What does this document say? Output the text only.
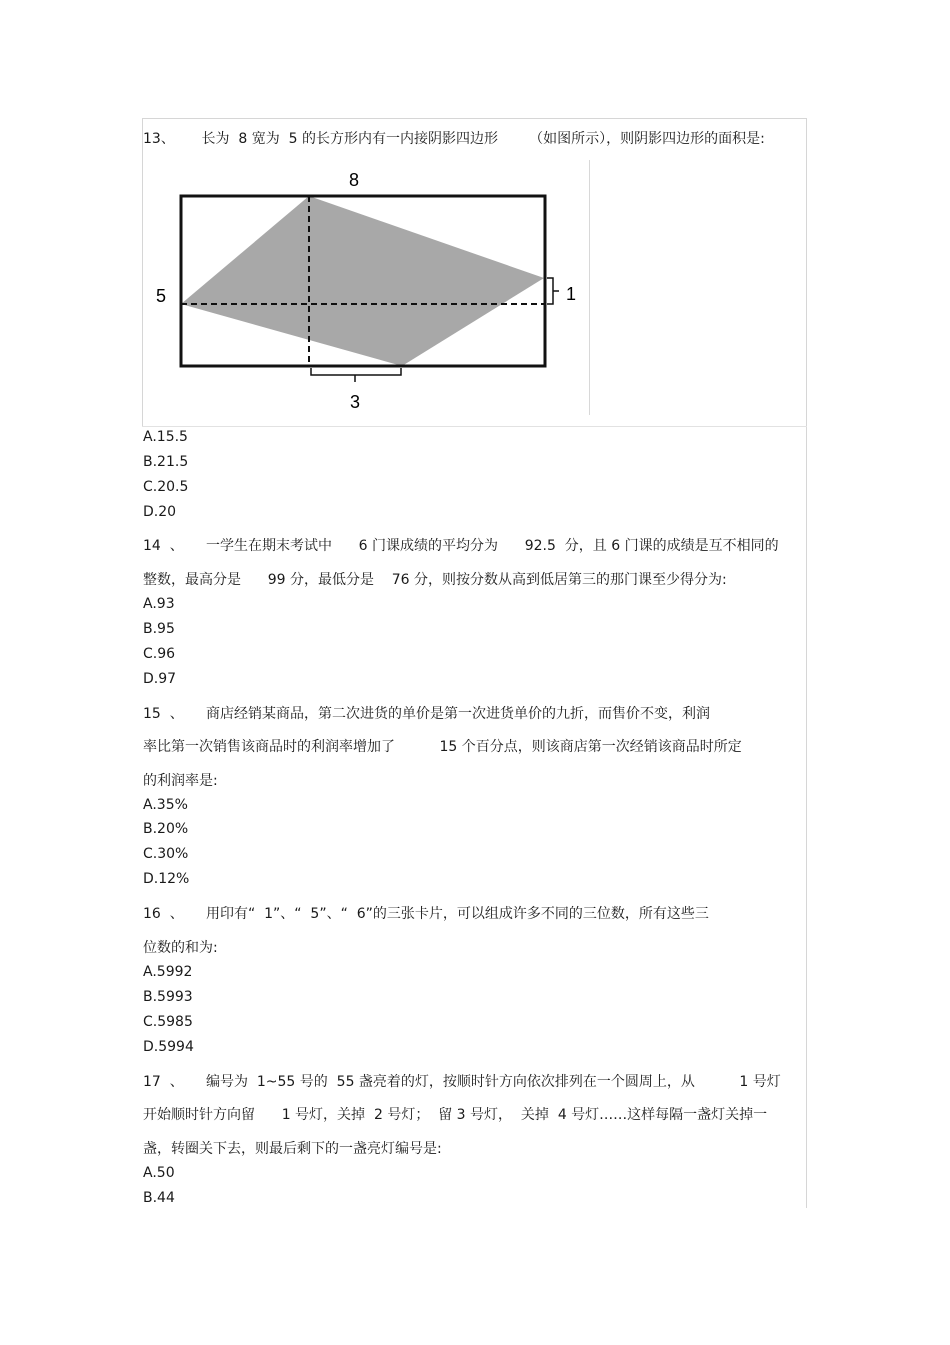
13、      长为  8 宽为  5 的长方形内有一内接阴影四边形       （如图所示），则阴影四边形的面积是:
8
5	1
3
A.15.5
B.21.5
C.20.5
D.20
14  、     一学生在期末考试中      6 门课成绩的平均分为      92.5  分，且 6 门课的成绩是互不相同的
整数，最高分是      99 分，最低分是    76 分，则按分数从高到低居第三的那门课至少得分为:
A.93
B.95
C.96
D.97
15  、     商店经销某商品，第二次进货的单价是第一次进货单价的九折，而售价不变，利润
率比第一次销售该商品时的利润率增加了          15 个百分点，则该商店第一次经销该商品时所定
的利润率是:
A.35%
B.20%
C.30%
D.12%
16  、     用印有“  1”、“  5”、“  6”的三张卡片，可以组成许多不同的三位数，所有这些三
位数的和为:
A.5992
B.5993
C.5985
D.5994
17  、     编号为  1~55 号的  55 盏亮着的灯，按顺时针方向依次排列在一个圆周上，从          1 号灯
开始顺时针方向留      1 号灯，关掉  2 号灯；  留 3 号灯，  关掉  4 号灯……这样每隔一盏灯关掉一
盏，转圈关下去，则最后剩下的一盏亮灯编号是:
A.50
B.44
